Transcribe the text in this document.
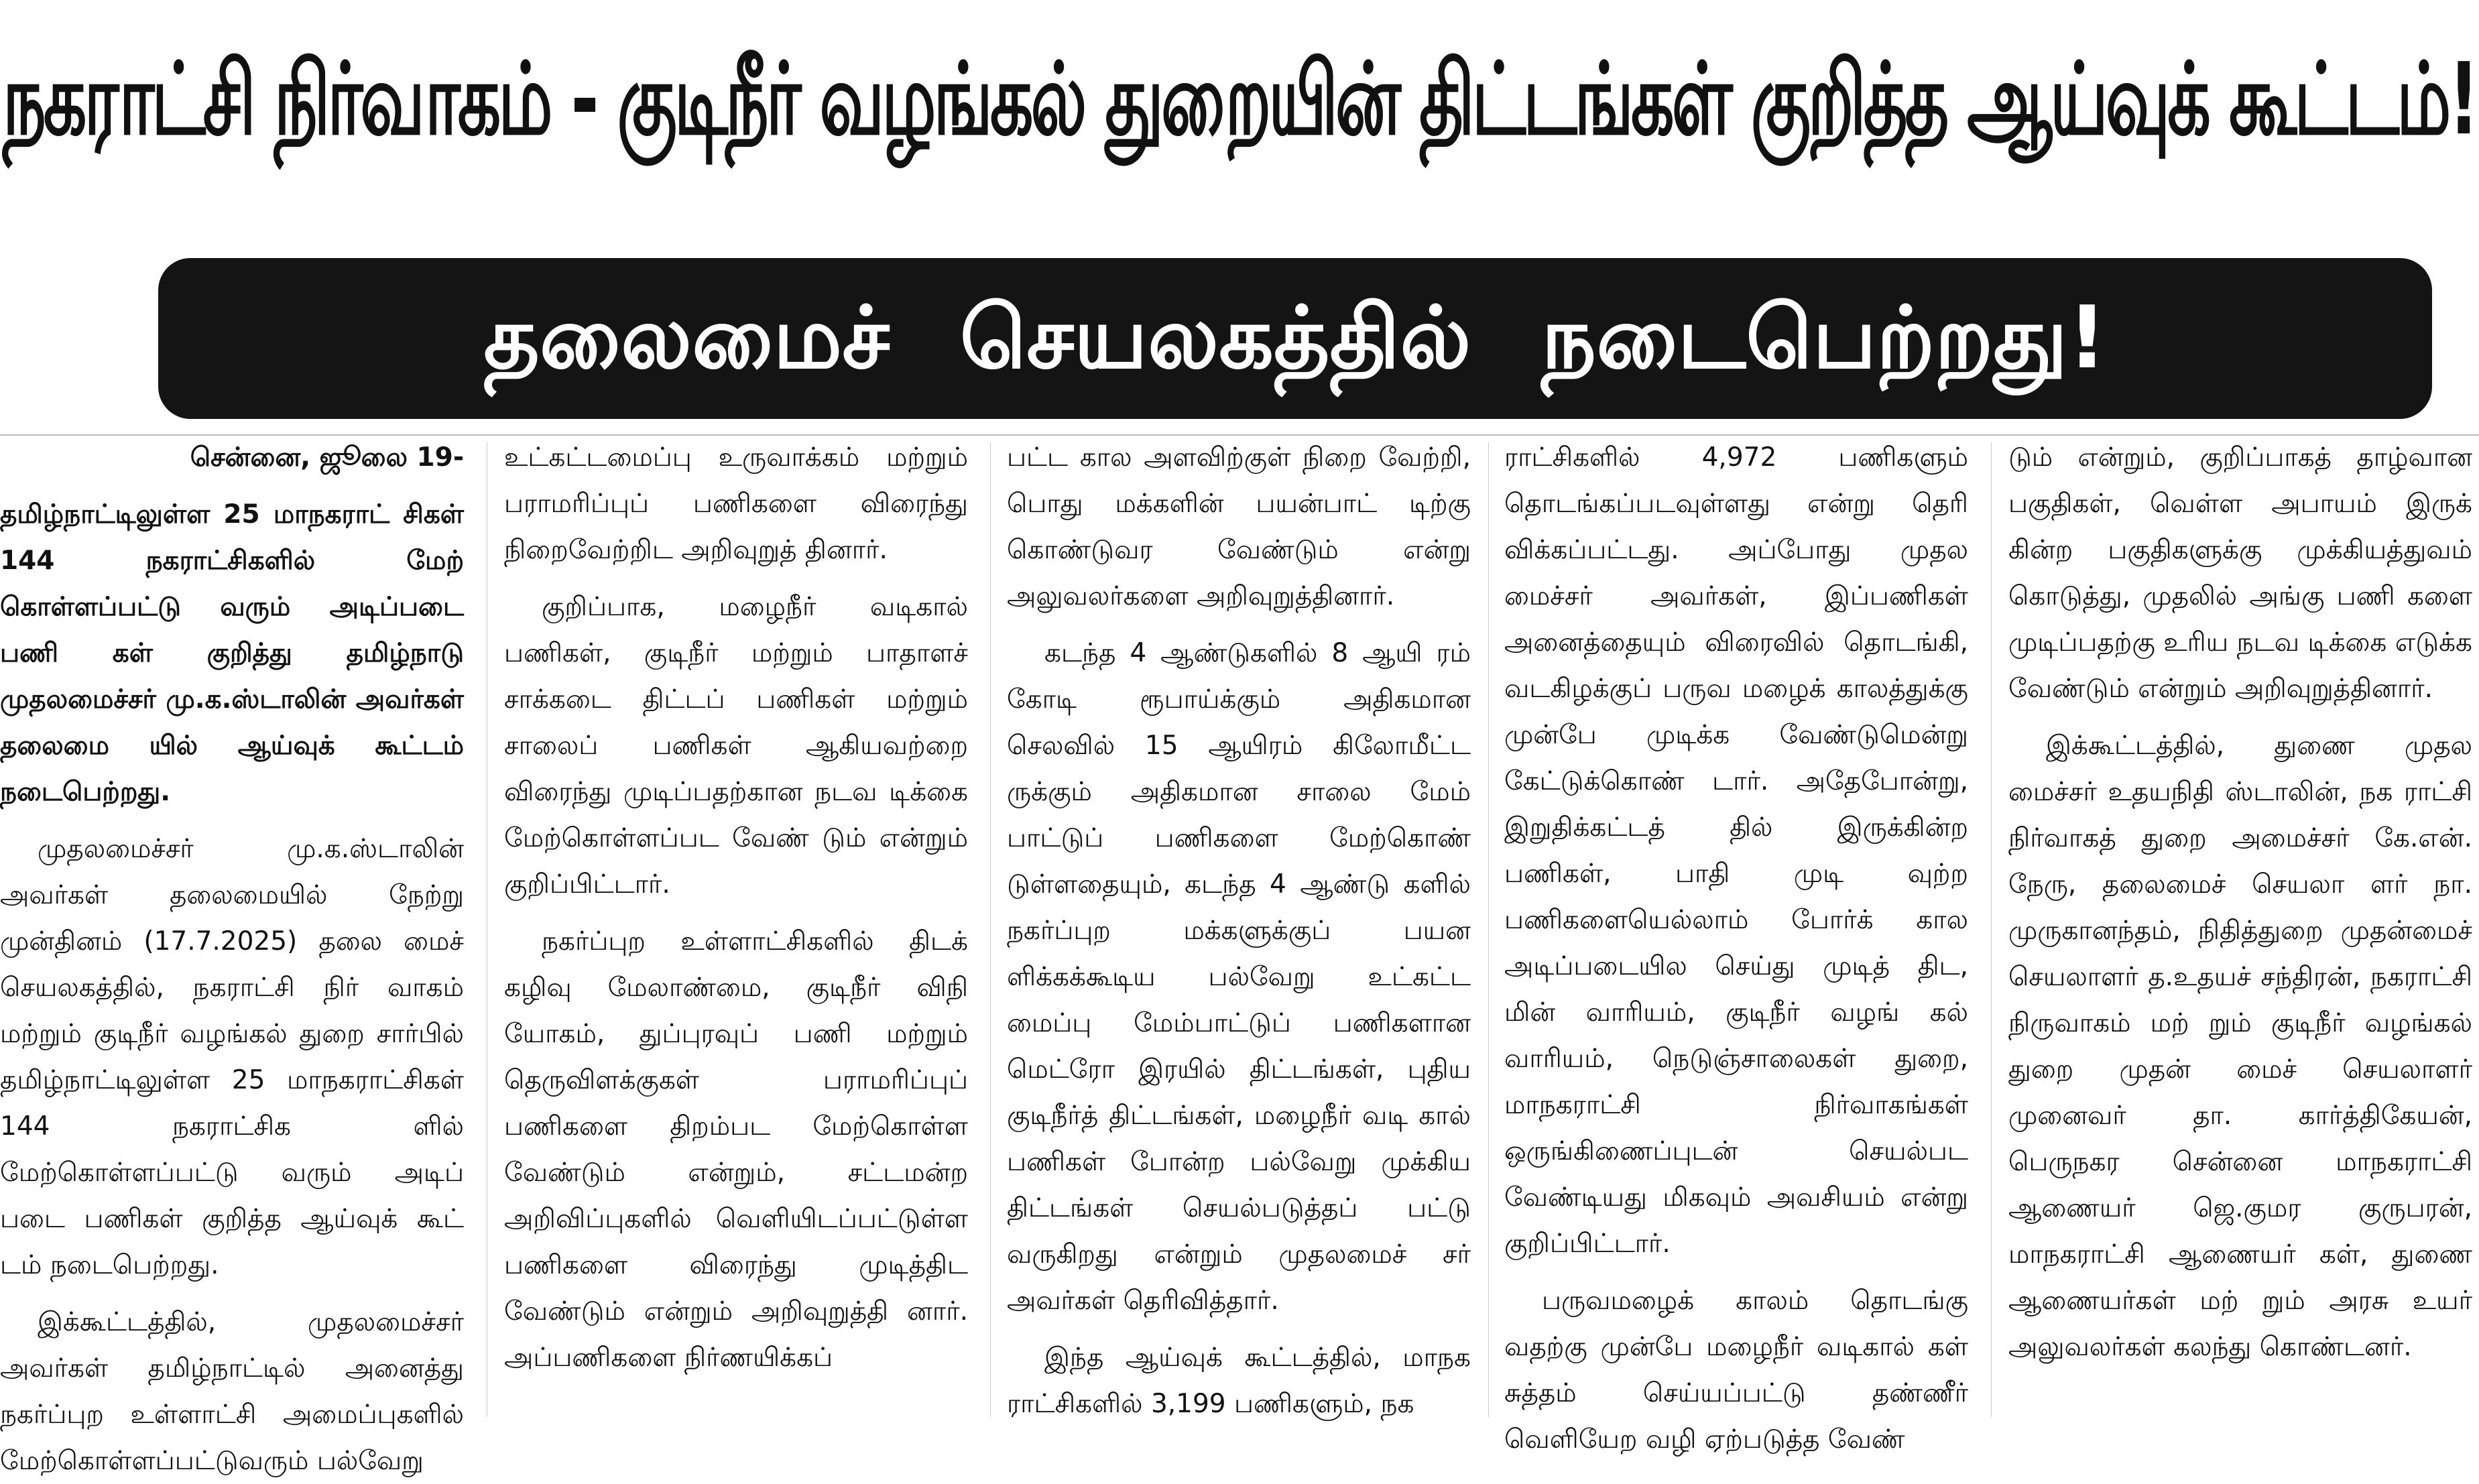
நகராட்சி நிர்வாகம் - குடிநீர் வழங்கல் துறையின் திட்டங்கள் குறித்த ஆய்வுக் கூட்டம்!
தலைமைச் செயலகத்தில் நடைபெற்றது!

சென்னை, ஜூலை 19-

தமிழ்நாட்டிலுள்ள 25 மாநகராட் சிகள் 144 நகராட்சிகளில் மேற் கொள்ளப்பட்டு வரும் அடிப்படை பணி கள் குறித்து தமிழ்நாடு முதலமைச்சர் மு.க.ஸ்டாலின் அவர்கள் தலைமை யில் ஆய்வுக் கூட்டம் நடைபெற்றது.

முதலமைச்சர் மு.க.ஸ்டாலின் அவர்கள் தலைமையில் நேற்று முன்தினம் (17.7.2025) தலை மைச் செயலகத்தில், நகராட்சி நிர் வாகம் மற்றும் குடிநீர் வழங்கல் துறை சார்பில் தமிழ்நாட்டிலுள்ள 25 மாநகராட்சிகள் 144 நகராட்சிக ளில் மேற்கொள்ளப்பட்டு வரும் அடிப் படை பணிகள் குறித்த ஆய்வுக் கூட் டம் நடைபெற்றது.

இக்கூட்டத்தில், முதலமைச்சர் அவர்கள் தமிழ்நாட்டில் அனைத்து நகர்ப்புற உள்ளாட்சி அமைப்புகளில் மேற்கொள்ளப்பட்டுவரும் பல்வேறு

உட்கட்டமைப்பு உருவாக்கம் மற்றும் பராமரிப்புப் பணிகளை விரைந்து நிறைவேற்றிட அறிவுறுத் தினார்.

குறிப்பாக, மழைநீர் வடிகால் பணிகள், குடிநீர் மற்றும் பாதாளச் சாக்கடை திட்டப் பணிகள் மற்றும் சாலைப் பணிகள் ஆகியவற்றை விரைந்து முடிப்பதற்கான நடவ டிக்கை மேற்கொள்ளப்பட வேண் டும் என்றும் குறிப்பிட்டார்.

நகர்ப்புற உள்ளாட்சிகளில் திடக் கழிவு மேலாண்மை, குடிநீர் விநி யோகம், துப்புரவுப் பணி மற்றும் தெருவிளக்குகள் பராமரிப்புப் பணிகளை திறம்பட மேற்கொள்ள வேண்டும் என்றும், சட்டமன்ற அறிவிப்புகளில் வெளியிடப்பட்டுள்ள பணிகளை விரைந்து முடித்திட வேண்டும் என்றும் அறிவுறுத்தி னார். அப்பணிகளை நிர்ணயிக்கப்

பட்ட கால அளவிற்குள் நிறை வேற்றி, பொது மக்களின் பயன்பாட் டிற்கு கொண்டுவர வேண்டும் என்று அலுவலர்களை அறிவுறுத்தினார்.

கடந்த 4 ஆண்டுகளில் 8 ஆயி ரம் கோடி ரூபாய்க்கும் அதிகமான செலவில் 15 ஆயிரம் கிலோமீட்ட ருக்கும் அதிகமான சாலை மேம் பாட்டுப் பணிகளை மேற்கொண் டுள்ளதையும், கடந்த 4 ஆண்டு களில் நகர்ப்புற மக்களுக்குப் பயன ளிக்கக்கூடிய பல்வேறு உட்கட்ட மைப்பு மேம்பாட்டுப் பணிகளான மெட்ரோ இரயில் திட்டங்கள், புதிய குடிநீர்த் திட்டங்கள், மழைநீர் வடி கால் பணிகள் போன்ற பல்வேறு முக்கிய திட்டங்கள் செயல்படுத்தப் பட்டு வருகிறது என்றும் முதலமைச் சர் அவர்கள் தெரிவித்தார்.

இந்த ஆய்வுக் கூட்டத்தில், மாநக ராட்சிகளில் 3,199 பணிகளும், நக

ராட்சிகளில் 4,972 பணிகளும் தொடங்கப்படவுள்ளது என்று தெரி விக்கப்பட்டது. அப்போது முதல மைச்சர் அவர்கள், இப்பணிகள் அனைத்தையும் விரைவில் தொடங்கி, வடகிழக்குப் பருவ மழைக் காலத்துக்கு முன்பே முடிக்க வேண்டுமென்று கேட்டுக்கொண் டார். அதேபோன்று, இறுதிக்கட்டத் தில் இருக்கின்ற பணிகள், பாதி முடி வுற்ற பணிகளையெல்லாம் போர்க் கால அடிப்படையில செய்து முடித் திட, மின் வாரியம், குடிநீர் வழங் கல் வாரியம், நெடுஞ்சாலைகள் துறை, மாநகராட்சி நிர்வாகங்கள் ஒருங்கிணைப்புடன் செயல்பட வேண்டியது மிகவும் அவசியம் என்று குறிப்பிட்டார்.

பருவமழைக் காலம் தொடங்கு வதற்கு முன்பே மழைநீர் வடிகால் கள் சுத்தம் செய்யப்பட்டு தண்ணீர் வெளியேற வழி ஏற்படுத்த வேண்

டும் என்றும், குறிப்பாகத் தாழ்வான பகுதிகள், வெள்ள அபாயம் இருக் கின்ற பகுதிகளுக்கு முக்கியத்துவம் கொடுத்து, முதலில் அங்கு பணி களை முடிப்பதற்கு உரிய நடவ டிக்கை எடுக்க வேண்டும் என்றும் அறிவுறுத்தினார்.

இக்கூட்டத்தில், துணை முதல மைச்சர் உதயநிதி ஸ்டாலின், நக ராட்சி நிர்வாகத் துறை அமைச்சர் கே.என். நேரு, தலைமைச் செயலா ளர் நா. முருகானந்தம், நிதித்துறை முதன்மைச் செயலாளர் த.உதயச் சந்திரன், நகராட்சி நிருவாகம் மற் றும் குடிநீர் வழங்கல் துறை முதன் மைச் செயலாளர் முனைவர் தா. கார்த்திகேயன், பெருநகர சென்னை மாநகராட்சி ஆணையர் ஜெ.குமர குருபரன், மாநகராட்சி ஆணையர் கள், துணை ஆணையர்கள் மற் றும் அரசு உயர் அலுவலர்கள் கலந்து கொண்டனர்.
